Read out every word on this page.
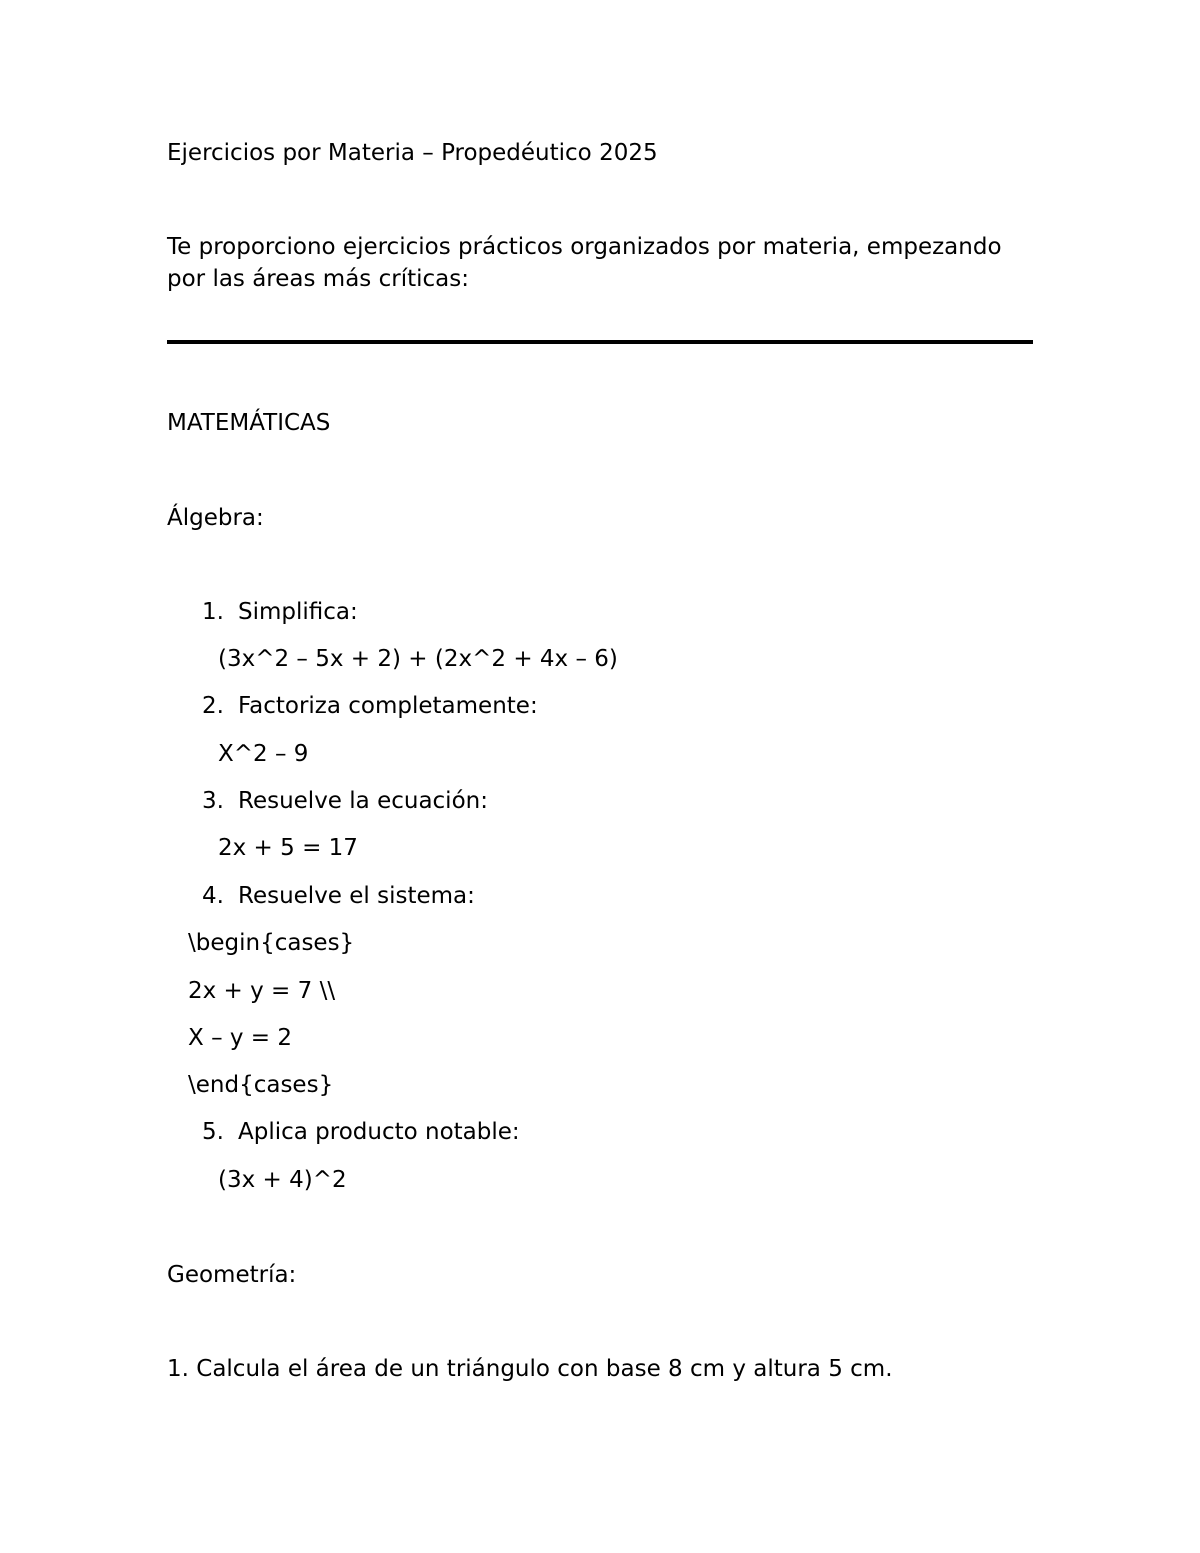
Ejercicios por Materia – Propedéutico 2025
Te proporciono ejercicios prácticos organizados por materia, empezando
por las áreas más críticas:
MATEMÁTICAS
Álgebra:
1. Simplifica:
(3x^2 – 5x + 2) + (2x^2 + 4x – 6)
2. Factoriza completamente:
X^2 – 9
3. Resuelve la ecuación:
2x + 5 = 17
4. Resuelve el sistema:
\begin{cases}
2x + y = 7 \\
X – y = 2
\end{cases}
5. Aplica producto notable:
(3x + 4)^2
Geometría:
1. Calcula el área de un triángulo con base 8 cm y altura 5 cm.
